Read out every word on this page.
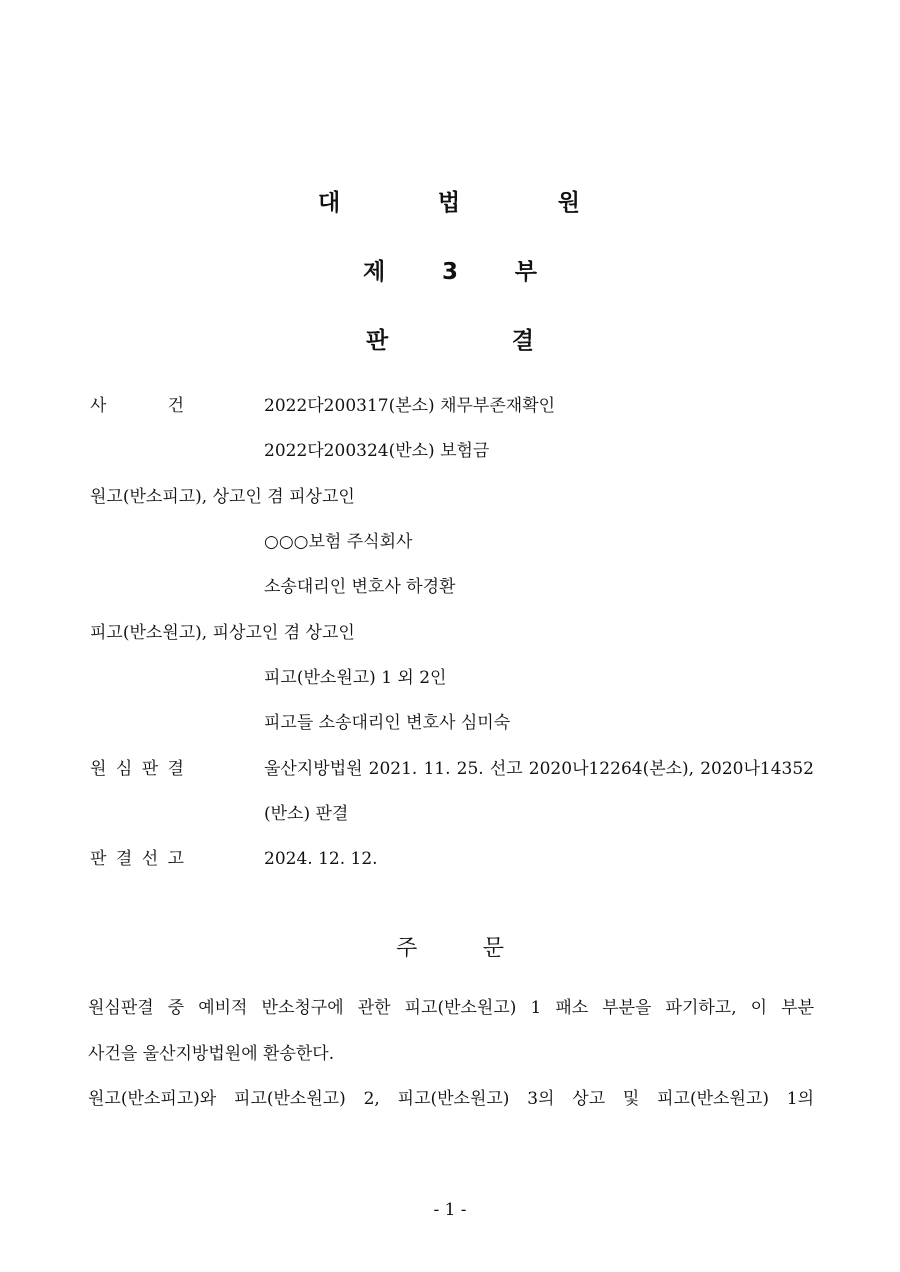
대	법	원
제 3 부
판	결
사	건	2022다200317(본소) 채무부존재확인
2022다200324(반소) 보험금
원고(반소피고), 상고인 겸 피상고인
○○○보험 주식회사
소송대리인 변호사 하경환
피고(반소원고), 피상고인 겸 상고인
피고(반소원고) 1 외 2인
피고들 소송대리인 변호사 심미숙
원 심 판 결	울산지방법원 2021. 11. 25. 선고 2020나12264(본소), 2020나14352
(반소) 판결
판 결 선 고	2024. 12. 12.
주	문
원심판결 중 예비적 반소청구에 관한 피고(반소원고) 1 패소 부분을 파기하고, 이 부분
사건을 울산지방법원에 환송한다.
원고(반소피고)와 피고(반소원고) 2, 피고(반소원고) 3의 상고 및 피고(반소원고) 1의
- 1 -
